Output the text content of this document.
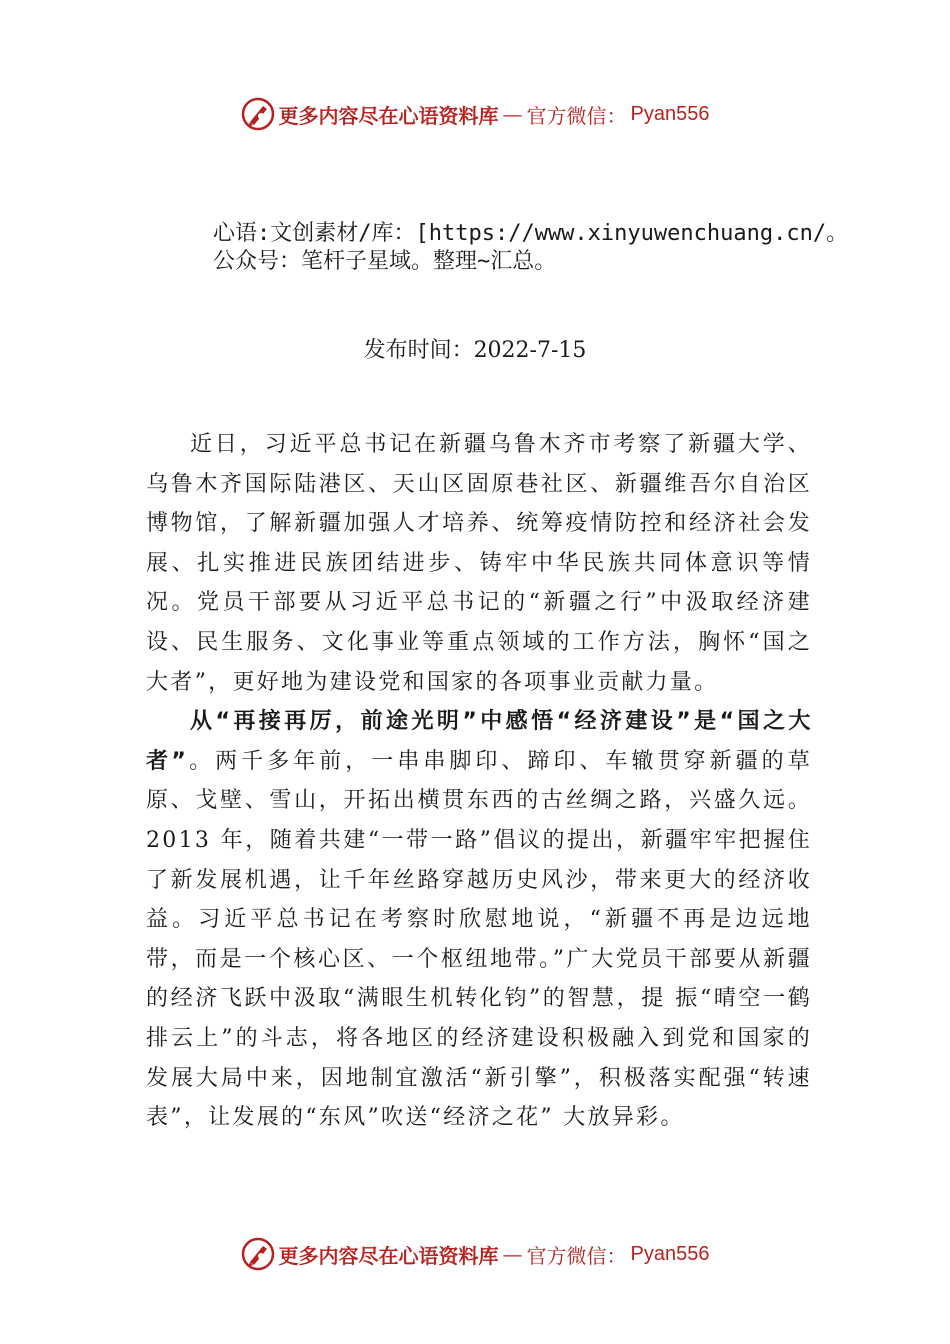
更多内容尽在心语资料库 — 官方微信： Pyan556
心语:文创素材/库：[https://www.xinyuwenchuang.cn/。公众号：笔杆子星域。整理~汇总。
发布时间：2022-7-15

近日，习近平总书记在新疆乌鲁木齐市考察了新疆大学、乌鲁木齐国际陆港区、天山区固原巷社区、新疆维吾尔自治区博物馆，了解新疆加强人才培养、统筹疫情防控和经济社会发展、扎实推进民族团结进步、铸牢中华民族共同体意识等情况。党员干部要从习近平总书记的“新疆之行”中汲取经济建设、民生服务、文化事业等重点领域的工作方法，胸怀“国之大者”，更好地为建设党和国家的各项事业贡献力量。

从“再接再厉，前途光明”中感悟“经济建设”是“国之大者”。两千多年前，一串串脚印、蹄印、车辙贯穿新疆的草原、戈壁、雪山，开拓出横贯东西的古丝绸之路，兴盛久远。2013 年，随着共建“一带一路”倡议的提出，新疆牢牢把握住了新发展机遇，让千年丝路穿越历史风沙，带来更大的经济收益。习近平总书记在考察时欣慰地说，“新疆不再是边远地带，而是一个核心区、一个枢纽地带。”广大党员干部要从新疆的经济飞跃中汲取“满眼生机转化钧”的智慧，提 振“晴空一鹤排云上”的斗志，将各地区的经济建设积极融入到党和国家的发展大局中来，因地制宜激活“新引擎”，积极落实配强“转速表”，让发展的“东风”吹送“经济之花” 大放异彩。

更多内容尽在心语资料库 — 官方微信： Pyan556
